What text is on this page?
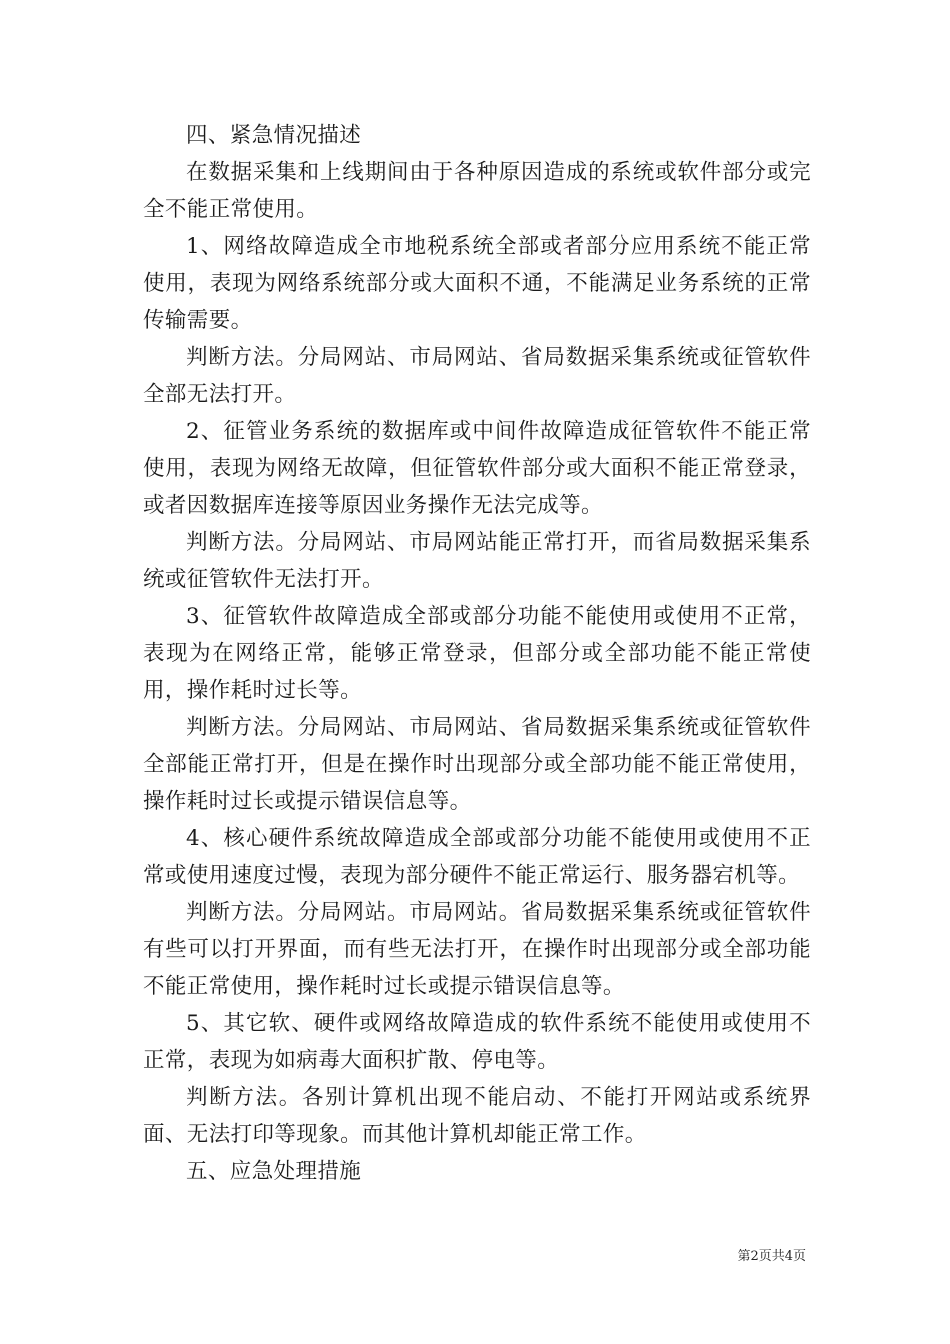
四、紧急情况描述

在数据采集和上线期间由于各种原因造成的系统或软件部分或完全不能正常使用。

1、网络故障造成全市地税系统全部或者部分应用系统不能正常使用，表现为网络系统部分或大面积不通，不能满足业务系统的正常传输需要。

判断方法。分局网站、市局网站、省局数据采集系统或征管软件全部无法打开。

2、征管业务系统的数据库或中间件故障造成征管软件不能正常使用，表现为网络无故障，但征管软件部分或大面积不能正常登录，或者因数据库连接等原因业务操作无法完成等。

判断方法。分局网站、市局网站能正常打开，而省局数据采集系统或征管软件无法打开。

3、征管软件故障造成全部或部分功能不能使用或使用不正常，表现为在网络正常，能够正常登录，但部分或全部功能不能正常使用，操作耗时过长等。

判断方法。分局网站、市局网站、省局数据采集系统或征管软件全部能正常打开，但是在操作时出现部分或全部功能不能正常使用，操作耗时过长或提示错误信息等。

4、核心硬件系统故障造成全部或部分功能不能使用或使用不正常或使用速度过慢，表现为部分硬件不能正常运行、服务器宕机等。

判断方法。分局网站。市局网站。省局数据采集系统或征管软件有些可以打开界面，而有些无法打开，在操作时出现部分或全部功能不能正常使用，操作耗时过长或提示错误信息等。

5、其它软、硬件或网络故障造成的软件系统不能使用或使用不正常，表现为如病毒大面积扩散、停电等。

判断方法。各别计算机出现不能启动、不能打开网站或系统界面、无法打印等现象。而其他计算机却能正常工作。

五、应急处理措施

第2页共4页
